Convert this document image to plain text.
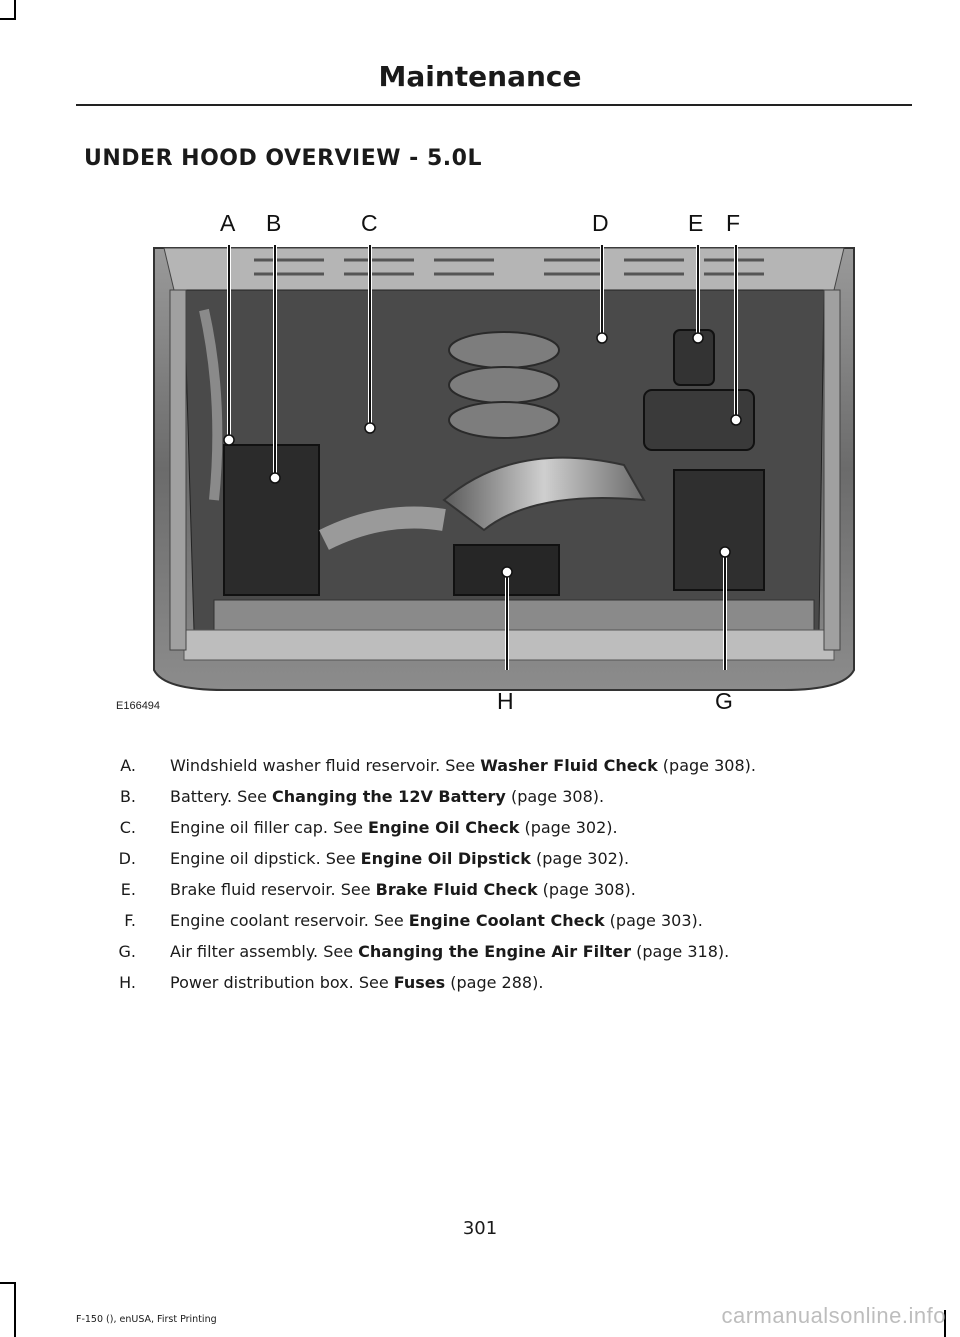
Maintenance
UNDER HOOD OVERVIEW - 5.0L
A B	C	D	E F
G
H
E166494
A. Windshield washer fluid reservoir. See Washer Fluid Check (page 308).
B. Battery. See Changing the 12V Battery (page 308).
C. Engine oil filler cap. See Engine Oil Check (page 302).
D. Engine oil dipstick. See Engine Oil Dipstick (page 302).
E. Brake fluid reservoir. See Brake Fluid Check (page 308).
F. Engine coolant reservoir. See Engine Coolant Check (page 303).
G. Air filter assembly. See Changing the Engine Air Filter (page 318).
H. Power distribution box. See Fuses (page 288).
301
F-150 (), enUSA, First Printing	carmanualsonline.info
